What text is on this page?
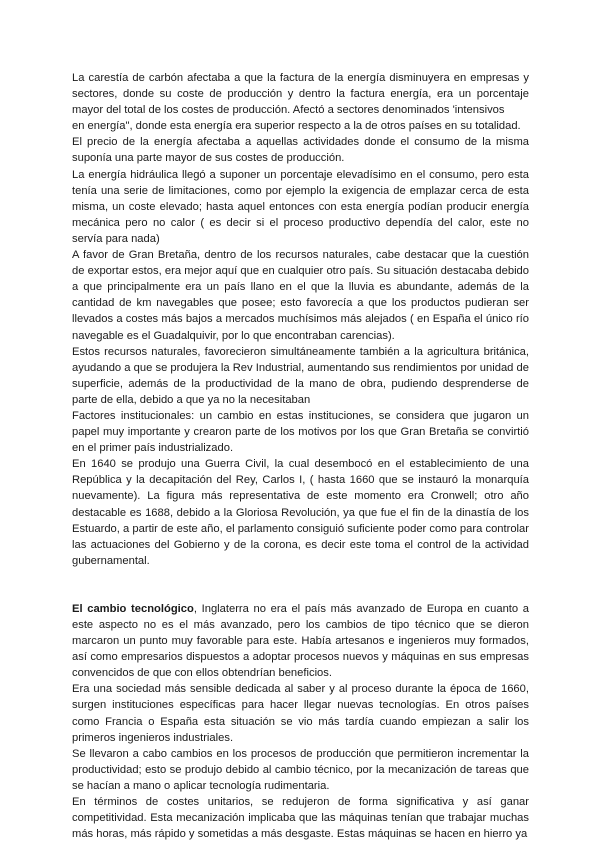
La carestía de carbón afectaba a que la factura de la energía disminuyera en empresas y sectores, donde su coste de producción y dentro la factura energía, era un porcentaje mayor del total de los costes de producción. Afectó a sectores denominados 'intensivos

en energía", donde esta energía era superior respecto a la de otros países en su totalidad.

El precio de la energía afectaba a aquellas actividades donde el consumo de la misma suponía una parte mayor de sus costes de producción.

La energía hidráulica llegó a suponer un porcentaje elevadísimo en el consumo, pero esta tenía una serie de limitaciones, como por ejemplo la exigencia de emplazar cerca de esta misma, un coste elevado; hasta aquel entonces con esta energía podían producir energía mecánica pero no calor ( es decir si el proceso productivo dependía del calor, este no servía para nada)

A favor de Gran Bretaña, dentro de los recursos naturales, cabe destacar que la cuestión de exportar estos, era mejor aquí que en cualquier otro país. Su situación destacaba debido a que principalmente era un país llano en el que la lluvia es abundante, además de la cantidad de km navegables que posee; esto favorecía a que los productos pudieran ser llevados a costes más bajos a mercados muchísimos más alejados ( en España el único río navegable es el Guadalquivir, por lo que encontraban carencias).

Estos recursos naturales, favorecieron simultáneamente también a la agricultura británica, ayudando a que se produjera la Rev Industrial, aumentando sus rendimientos por unidad de superficie, además de la productividad de la mano de obra, pudiendo desprenderse de parte de ella, debido a que ya no la necesitaban

Factores institucionales: un cambio en estas instituciones, se considera que jugaron un papel muy importante y crearon parte de los motivos por los que Gran Bretaña se convirtió en el primer país industrializado.

En 1640 se produjo una Guerra Civil, la cual desembocó en el establecimiento de una República y la decapitación del Rey, Carlos I, ( hasta 1660 que se instauró la monarquía nuevamente). La figura más representativa de este momento era Cronwell; otro año destacable es 1688, debido a la Gloriosa Revolución, ya que fue el fin de la dinastía de los Estuardo, a partir de este año, el parlamento consiguió suficiente poder como para controlar las actuaciones del Gobierno y de la corona, es decir este toma el control de la actividad gubernamental.

El cambio tecnológico, Inglaterra no era el país más avanzado de Europa en cuanto a este aspecto no es el más avanzado, pero los cambios de tipo técnico que se dieron marcaron un punto muy favorable para este. Había artesanos e ingenieros muy formados, así como empresarios dispuestos a adoptar procesos nuevos y máquinas en sus empresas convencidos de que con ellos obtendrían beneficios.

Era una sociedad más sensible dedicada al saber y al proceso durante la época de 1660, surgen instituciones específicas para hacer llegar nuevas tecnologías. En otros países como Francia o España esta situación se vio más tardía cuando empiezan a salir los primeros ingenieros industriales.

Se llevaron a cabo cambios en los procesos de producción que permitieron incrementar la productividad; esto se produjo debido al cambio técnico, por la mecanización de tareas que se hacían a mano o aplicar tecnología rudimentaria.

En términos de costes unitarios, se redujeron de forma significativa y así ganar competitividad. Esta mecanización implicaba que las máquinas tenían que trabajar muchas más horas, más rápido y sometidas a más desgaste. Estas máquinas se hacen en hierro ya
